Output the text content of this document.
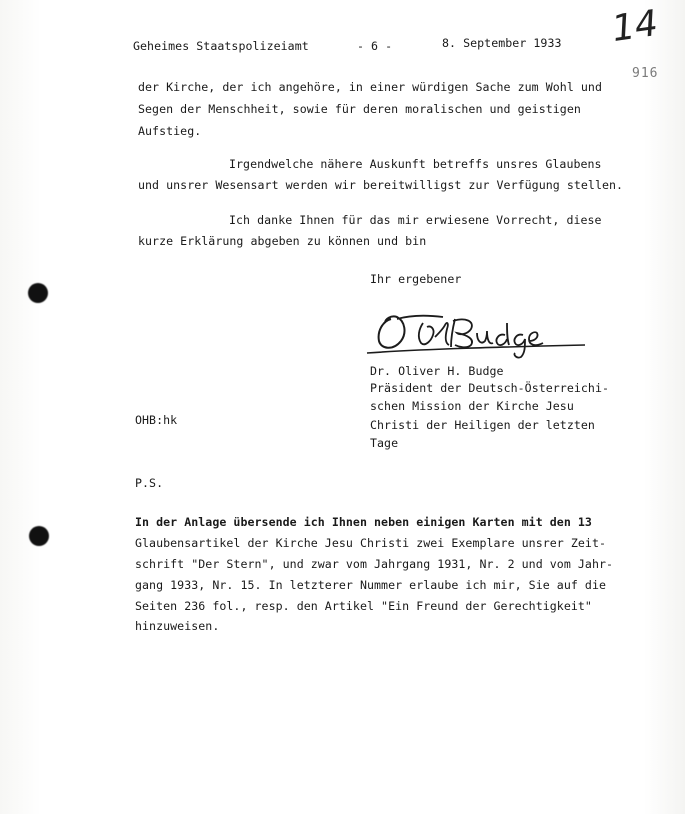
Geheimes Staatspolizeiamt	- 6 -	8. September 1933 14
916
der Kirche, der ich angehöre, in einer würdigen Sache zum Wohl und
Segen der Menschheit, sowie für deren moralischen und geistigen
Aufstieg.
Irgendwelche nähere Auskunft betreffs unsres Glaubens
und unsrer Wesensart werden wir bereitwilligst zur Verfügung stellen.
Ich danke Ihnen für das mir erwiesene Vorrecht, diese
kurze Erklärung abgeben zu können und bin
Ihr ergebener
Dr. Oliver H. Budge
Präsident der Deutsch-Österreichi-
schen Mission der Kirche Jesu
Christi der Heiligen der letzten
Tage
OHB:hk
P.S.
In der Anlage übersende ich Ihnen neben einigen Karten mit den 13
Glaubensartikel der Kirche Jesu Christi zwei Exemplare unsrer Zeit-
schrift "Der Stern", und zwar vom Jahrgang 1931, Nr. 2 und vom Jahr-
gang 1933, Nr. 15. In letzterer Nummer erlaube ich mir, Sie auf die
Seiten 236 fol., resp. den Artikel "Ein Freund der Gerechtigkeit"
hinzuweisen.
